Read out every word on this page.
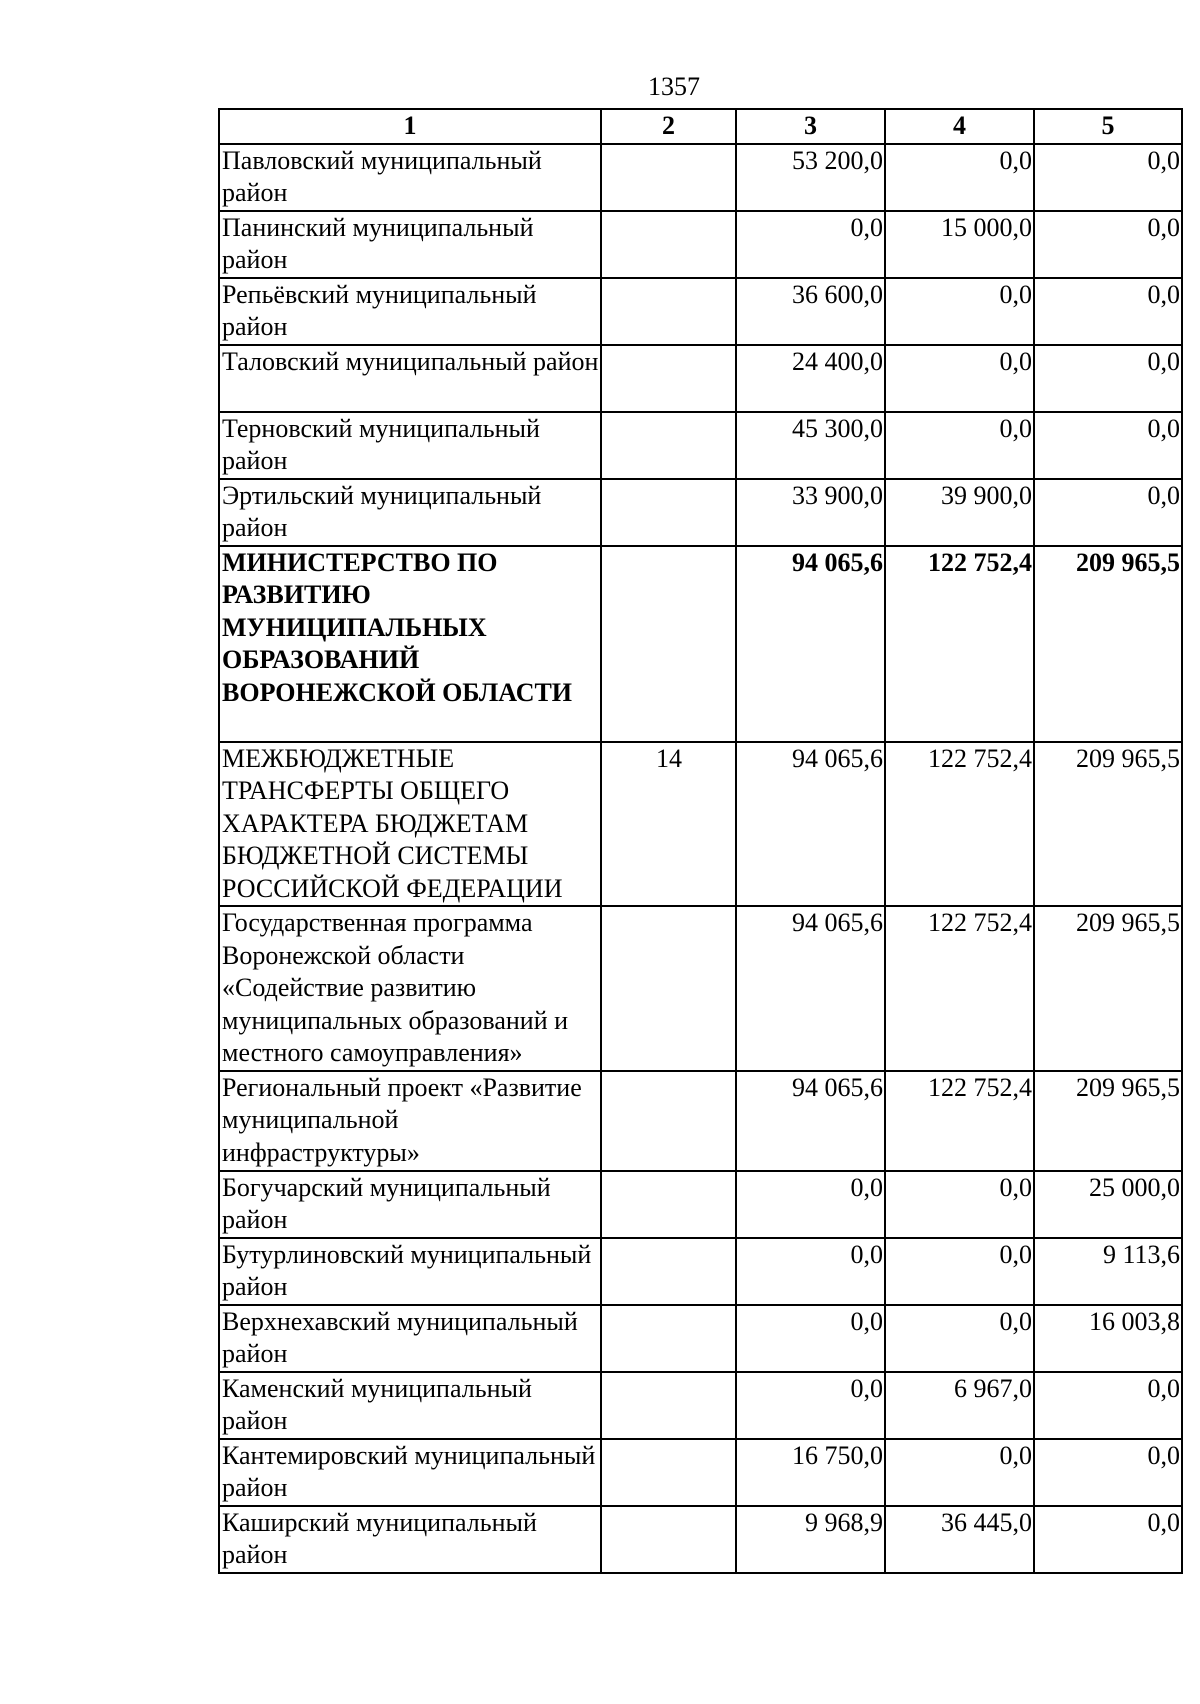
1357
1	2	3	4	5
Павловский муниципальный район		53 200,0	0,0	0,0
Панинский муниципальный район		0,0	15 000,0	0,0
Репьёвский муниципальный район		36 600,0	0,0	0,0
Таловский муниципальный район		24 400,0	0,0	0,0
Терновский муниципальный район		45 300,0	0,0	0,0
Эртильский муниципальный район		33 900,0	39 900,0	0,0
МИНИСТЕРСТВО ПО РАЗВИТИЮ МУНИЦИПАЛЬНЫХ ОБРАЗОВАНИЙ ВОРОНЕЖСКОЙ ОБЛАСТИ		94 065,6	122 752,4	209 965,5
МЕЖБЮДЖЕТНЫЕ ТРАНСФЕРТЫ ОБЩЕГО ХАРАКТЕРА БЮДЖЕТАМ БЮДЖЕТНОЙ СИСТЕМЫ РОССИЙСКОЙ ФЕДЕРАЦИИ	14	94 065,6	122 752,4	209 965,5
Государственная программа Воронежской области «Содействие развитию муниципальных образований и местного самоуправления»		94 065,6	122 752,4	209 965,5
Региональный проект «Развитие муниципальной инфраструктуры»		94 065,6	122 752,4	209 965,5
Богучарский муниципальный район		0,0	0,0	25 000,0
Бутурлиновский муниципальный район		0,0	0,0	9 113,6
Верхнехавский муниципальный район		0,0	0,0	16 003,8
Каменский муниципальный район		0,0	6 967,0	0,0
Кантемировский муниципальный район		16 750,0	0,0	0,0
Каширский муниципальный район		9 968,9	36 445,0	0,0
